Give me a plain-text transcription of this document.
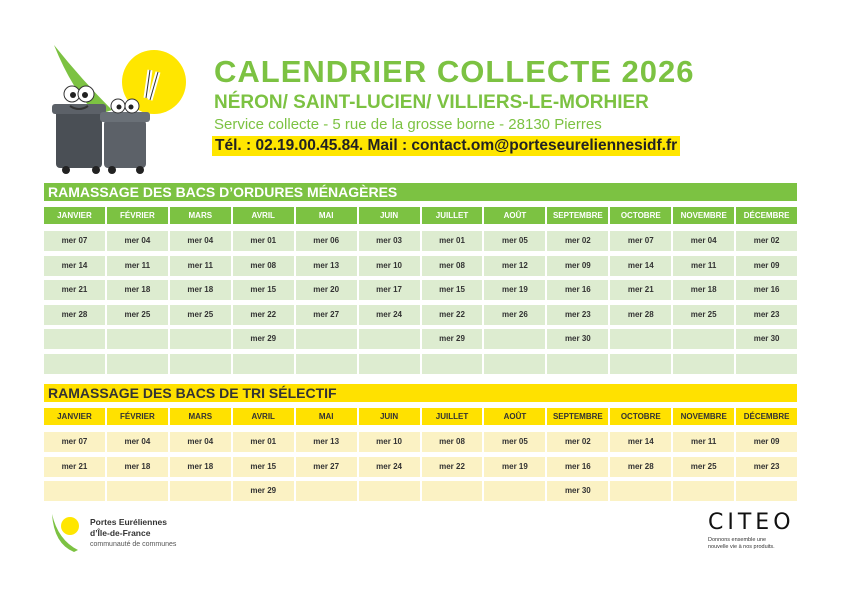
CALENDRIER COLLECTE 2026
NÉRON/ SAINT-LUCIEN/ VILLIERS-LE-MORHIER
Service collecte - 5 rue de la grosse borne - 28130 Pierres
Tél. : 02.19.00.45.84. Mail : contact.om@porteseureliennesidf.fr
RAMASSAGE DES BACS D’ORDURES MÉNAGÈRES
JANVIER
mer 07
mer 14
mer 21
mer 28
FÉVRIER
mer 04
mer 11
mer 18
mer 25
MARS
mer 04
mer 11
mer 18
mer 25
AVRIL
mer 01
mer 08
mer 15
mer 22
mer 29
MAI
mer 06
mer 13
mer 20
mer 27
JUIN
mer 03
mer 10
mer 17
mer 24
JUILLET
mer 01
mer 08
mer 15
mer 22
mer 29
AOÛT
mer 05
mer 12
mer 19
mer 26
SEPTEMBRE
mer 02
mer 09
mer 16
mer 23
mer 30
OCTOBRE
mer 07
mer 14
mer 21
mer 28
NOVEMBRE
mer 04
mer 11
mer 18
mer 25
DÉCEMBRE
mer 02
mer 09
mer 16
mer 23
mer 30
RAMASSAGE DES BACS DE TRI SÉLECTIF
JANVIER
mer 07
mer 21
FÉVRIER
mer 04
mer 18
MARS
mer 04
mer 18
AVRIL
mer 01
mer 15
mer 29
MAI
mer 13
mer 27
JUIN
mer 10
mer 24
JUILLET
mer 08
mer 22
AOÛT
mer 05
mer 19
SEPTEMBRE
mer 02
mer 16
mer 30
OCTOBRE
mer 14
mer 28
NOVEMBRE
mer 11
mer 25
DÉCEMBRE
mer 09
mer 23
Portes Euréliennes
d’Île-de-France
communauté de communes
CITEO
Donnons ensemble une
nouvelle vie à nos produits.
